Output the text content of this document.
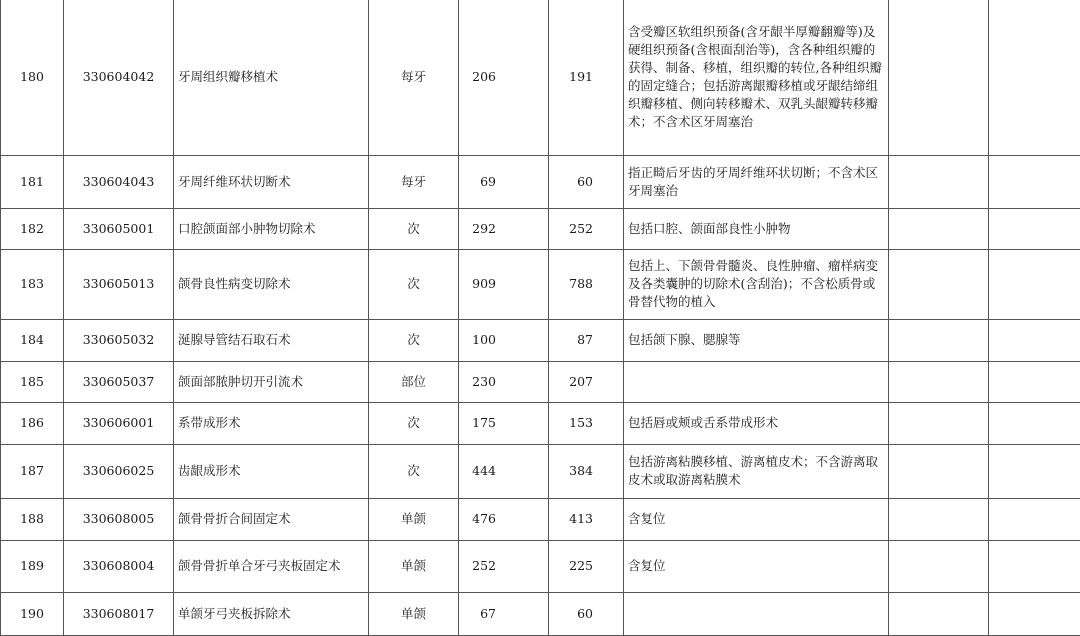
180	330604042	牙周组织瓣移植术	每牙	206	191	含受瓣区软组织预备(含牙龈半厚瓣翻瓣等)及硬组织预备(含根面刮治等)，含各种组织瓣的获得、制备、移植，组织瓣的转位,各种组织瓣的固定缝合；包括游离龈瓣移植或牙龈结缔组织瓣移植、侧向转移瓣术、双乳头龈瓣转移瓣术；不含术区牙周塞治		
181	330604043	牙周纤维环状切断术	每牙	69	60	指正畸后牙齿的牙周纤维环状切断；不含术区牙周塞治		
182	330605001	口腔颌面部小肿物切除术	次	292	252	包括口腔、颌面部良性小肿物		
183	330605013	颌骨良性病变切除术	次	909	788	包括上、下颌骨骨髓炎、良性肿瘤、瘤样病变及各类囊肿的切除术(含刮治)；不含松质骨或骨替代物的植入		
184	330605032	涎腺导管结石取石术	次	100	87	包括颌下腺、腮腺等		
185	330605037	颌面部脓肿切开引流术	部位	230	207			
186	330606001	系带成形术	次	175	153	包括唇或颊或舌系带成形术		
187	330606025	齿龈成形术	次	444	384	包括游离粘膜移植、游离植皮术；不含游离取皮术或取游离粘膜术		
188	330608005	颌骨骨折合间固定术	单颌	476	413	含复位		
189	330608004	颌骨骨折单合牙弓夹板固定术	单颌	252	225	含复位		
190	330608017	单颌牙弓夹板拆除术	单颌	67	60			
